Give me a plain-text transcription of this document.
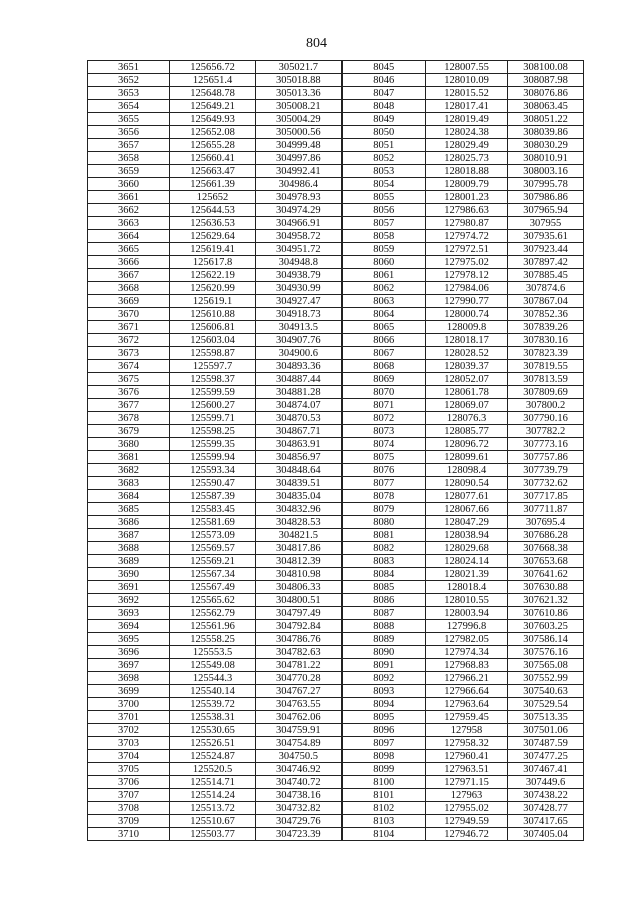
804
3651	125656.72	305021.7	8045	128007.55	308100.08
3652	125651.4	305018.88	8046	128010.09	308087.98
3653	125648.78	305013.36	8047	128015.52	308076.86
3654	125649.21	305008.21	8048	128017.41	308063.45
3655	125649.93	305004.29	8049	128019.49	308051.22
3656	125652.08	305000.56	8050	128024.38	308039.86
3657	125655.28	304999.48	8051	128029.49	308030.29
3658	125660.41	304997.86	8052	128025.73	308010.91
3659	125663.47	304992.41	8053	128018.88	308003.16
3660	125661.39	304986.4	8054	128009.79	307995.78
3661	125652	304978.93	8055	128001.23	307986.86
3662	125644.53	304974.29	8056	127986.63	307965.94
3663	125636.53	304966.91	8057	127980.87	307955
3664	125629.64	304958.72	8058	127974.72	307935.61
3665	125619.41	304951.72	8059	127972.51	307923.44
3666	125617.8	304948.8	8060	127975.02	307897.42
3667	125622.19	304938.79	8061	127978.12	307885.45
3668	125620.99	304930.99	8062	127984.06	307874.6
3669	125619.1	304927.47	8063	127990.77	307867.04
3670	125610.88	304918.73	8064	128000.74	307852.36
3671	125606.81	304913.5	8065	128009.8	307839.26
3672	125603.04	304907.76	8066	128018.17	307830.16
3673	125598.87	304900.6	8067	128028.52	307823.39
3674	125597.7	304893.36	8068	128039.37	307819.55
3675	125598.37	304887.44	8069	128052.07	307813.59
3676	125599.59	304881.28	8070	128061.78	307809.69
3677	125600.27	304874.07	8071	128069.07	307800.2
3678	125599.71	304870.53	8072	128076.3	307790.16
3679	125598.25	304867.71	8073	128085.77	307782.2
3680	125599.35	304863.91	8074	128096.72	307773.16
3681	125599.94	304856.97	8075	128099.61	307757.86
3682	125593.34	304848.64	8076	128098.4	307739.79
3683	125590.47	304839.51	8077	128090.54	307732.62
3684	125587.39	304835.04	8078	128077.61	307717.85
3685	125583.45	304832.96	8079	128067.66	307711.87
3686	125581.69	304828.53	8080	128047.29	307695.4
3687	125573.09	304821.5	8081	128038.94	307686.28
3688	125569.57	304817.86	8082	128029.68	307668.38
3689	125569.21	304812.39	8083	128024.14	307653.68
3690	125567.34	304810.98	8084	128021.39	307641.62
3691	125567.49	304806.33	8085	128018.4	307630.88
3692	125565.62	304800.51	8086	128010.55	307621.32
3693	125562.79	304797.49	8087	128003.94	307610.86
3694	125561.96	304792.84	8088	127996.8	307603.25
3695	125558.25	304786.76	8089	127982.05	307586.14
3696	125553.5	304782.63	8090	127974.34	307576.16
3697	125549.08	304781.22	8091	127968.83	307565.08
3698	125544.3	304770.28	8092	127966.21	307552.99
3699	125540.14	304767.27	8093	127966.64	307540.63
3700	125539.72	304763.55	8094	127963.64	307529.54
3701	125538.31	304762.06	8095	127959.45	307513.35
3702	125530.65	304759.91	8096	127958	307501.06
3703	125526.51	304754.89	8097	127958.32	307487.59
3704	125524.87	304750.5	8098	127960.41	307477.25
3705	125520.5	304746.92	8099	127963.51	307467.41
3706	125514.71	304740.72	8100	127971.15	307449.6
3707	125514.24	304738.16	8101	127963	307438.22
3708	125513.72	304732.82	8102	127955.02	307428.77
3709	125510.67	304729.76	8103	127949.59	307417.65
3710	125503.77	304723.39	8104	127946.72	307405.04
